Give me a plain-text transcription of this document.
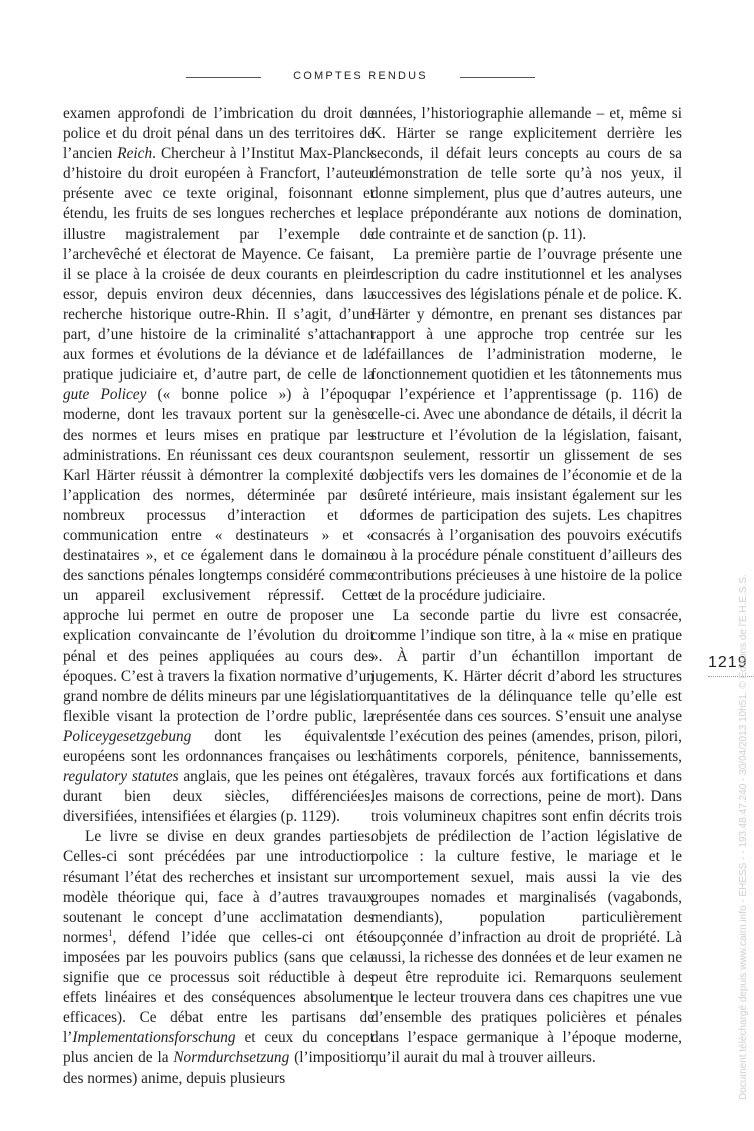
COMPTES RENDUS

examen approfondi de l’imbrication du droit de police et du droit pénal dans un des territoires de l’ancien Reich. Chercheur à l’Institut Max-Planck d’histoire du droit européen à Francfort, l’auteur présente avec ce texte original, foisonnant et étendu, les fruits de ses longues recherches et les illustre magistralement par l’exemple de l’archevêché et électorat de Mayence. Ce faisant, il se place à la croisée de deux courants en plein essor, depuis environ deux décennies, dans la recherche historique outre-Rhin. Il s’agit, d’une part, d’une histoire de la criminalité s’attachant aux formes et évolutions de la déviance et de la pratique judiciaire et, d’autre part, de celle de la gute Policey (« bonne police ») à l’époque moderne, dont les travaux portent sur la genèse des normes et leurs mises en pratique par les administrations. En réunissant ces deux courants, Karl Härter réussit à démontrer la complexité de l’application des normes, déterminée par de nombreux processus d’interaction et de communication entre « destinateurs » et « destinataires », et ce également dans le domaine des sanctions pénales longtemps considéré comme un appareil exclusivement répressif. Cette approche lui permet en outre de proposer une explication convaincante de l’évolution du droit pénal et des peines appliquées au cours des époques. C’est à travers la fixation normative d’un grand nombre de délits mineurs par une législation flexible visant la protection de l’ordre public, la Policeygesetzgebung dont les équivalents européens sont les ordonnances françaises ou les regulatory statutes anglais, que les peines ont été, durant bien deux siècles, différenciées, diversifiées, intensifiées et élargies (p. 1129).

Le livre se divise en deux grandes parties. Celles-ci sont précédées par une introduction résumant l’état des recherches et insistant sur un modèle théorique qui, face à d’autres travaux soutenant le concept d’une acclimatation des normes$^1$, défend l’idée que celles-ci ont été imposées par les pouvoirs publics (sans que cela signifie que ce processus soit réductible à des effets linéaires et des conséquences absolument efficaces). Ce débat entre les partisans de l’Implementationsforschung et ceux du concept plus ancien de la Normdurchsetzung (l’imposition des normes) anime, depuis plusieurs

années, l’historiographie allemande – et, même si K. Härter se range explicitement derrière les seconds, il défait leurs concepts au cours de sa démonstration de telle sorte qu’à nos yeux, il donne simplement, plus que d’autres auteurs, une place prépondérante aux notions de domination, de contrainte et de sanction (p. 11).

La première partie de l’ouvrage présente une description du cadre institutionnel et les analyses successives des législations pénale et de police. K. Härter y démontre, en prenant ses distances par rapport à une approche trop centrée sur les défaillances de l’administration moderne, le fonctionnement quotidien et les tâtonnements mus par l’expérience et l’apprentissage (p. 116) de celle-ci. Avec une abondance de détails, il décrit la structure et l’évolution de la législation, faisant, non seulement, ressortir un glissement de ses objectifs vers les domaines de l’économie et de la sûreté intérieure, mais insistant également sur les formes de participation des sujets. Les chapitres consacrés à l’organisation des pouvoirs exécutifs ou à la procédure pénale constituent d’ailleurs des contributions précieuses à une histoire de la police et de la procédure judiciaire.

La seconde partie du livre est consacrée, comme l’indique son titre, à la « mise en pratique ». À partir d’un échantillon important de jugements, K. Härter décrit d’abord les structures quantitatives de la délinquance telle qu’elle est représentée dans ces sources. S’ensuit une analyse de l’exécution des peines (amendes, prison, pilori, châtiments corporels, pénitence, bannissements, galères, travaux forcés aux fortifications et dans les maisons de corrections, peine de mort). Dans trois volumineux chapitres sont enfin décrits trois objets de prédilection de l’action législative de police : la culture festive, le mariage et le comportement sexuel, mais aussi la vie des groupes nomades et marginalisés (vagabonds, mendiants), population particulièrement soupçonnée d’infraction au droit de propriété. Là aussi, la richesse des données et de leur examen ne peut être reproduite ici. Remarquons seulement que le lecteur trouvera dans ces chapitres une vue d’ensemble des pratiques policières et pénales dans l’espace germanique à l’époque moderne, qu’il aurait du mal à trouver ailleurs.

1219
Document téléchargé depuis www.cairn.info - EHESS - - 193.48.47.240 - 30/04/2013 10h51. © Editions de l'E.H.E.S.S.
